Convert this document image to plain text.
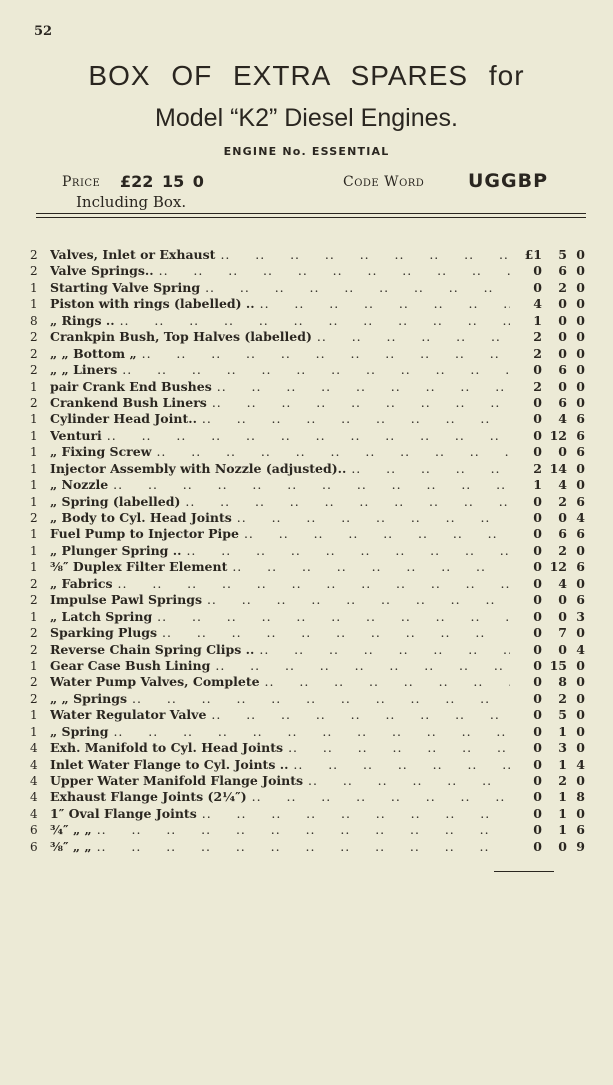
52
BOX OF EXTRA SPARES for
Model “K2” Diesel Engines.
ENGINE No. ESSENTIAL
Price £22 15 0
Including Box.
Code Word UGGBP
2 Valves, Inlet or Exhaust ..	£1	5 0
2 Valve Springs.. ..	0	6 0
1 Starting Valve Spring ..	0	2 0
1 Piston with rings (labelled) .. ..	4	0 0
8 „ Rings .. ..	1	0 0
2 Crankpin Bush, Top Halves (labelled) ..	2	0 0
2 „ „ Bottom „ ..	2	0 0
2 „ „ Liners ..	0	6 0
1 pair Crank End Bushes ..	2	0 0
2 Crankend Bush Liners ..	0	6 0
1 Cylinder Head Joint.. ..	0	4 6
1 Venturi ..	0 12 6
1 „ Fixing Screw ..	0	0 6
1 Injector Assembly with Nozzle (adjusted).. ..	2 14 0
1 „ Nozzle ..	1	4 0
1 „ Spring (labelled) ..	0	2 6
2 „ Body to Cyl. Head Joints ..	0	0 4
1 Fuel Pump to Injector Pipe ..	0	6 6
1 „ Plunger Spring .. ..	0	2 0
1 ⅜″ Duplex Filter Element ..	0 12 6
2 „ Fabrics ..	0	4 0
2 Impulse Pawl Springs ..	0	0 6
1 „ Latch Spring ..	0	0 3
2 Sparking Plugs ..	0	7 0
2 Reverse Chain Spring Clips .. ..	0	0 4
1 Gear Case Bush Lining ..	0 15 0
2 Water Pump Valves, Complete ..	0	8 0
2 „ „ Springs ..	0	2 0
1 Water Regulator Valve ..	0	5 0
1 „ Spring ..	0	1 0
4 Exh. Manifold to Cyl. Head Joints ..	0	3 0
4 Inlet Water Flange to Cyl. Joints .. ..	0	1 4
4 Upper Water Manifold Flange Joints ..	0	2 0
4 Exhaust Flange Joints (2¼″) ..	0	1 8
4 1″ Oval Flange Joints ..	0	1 0
6 ¾″ „ „ ..	0	1 6
6 ⅜″ „ „ ..	0	0 9
